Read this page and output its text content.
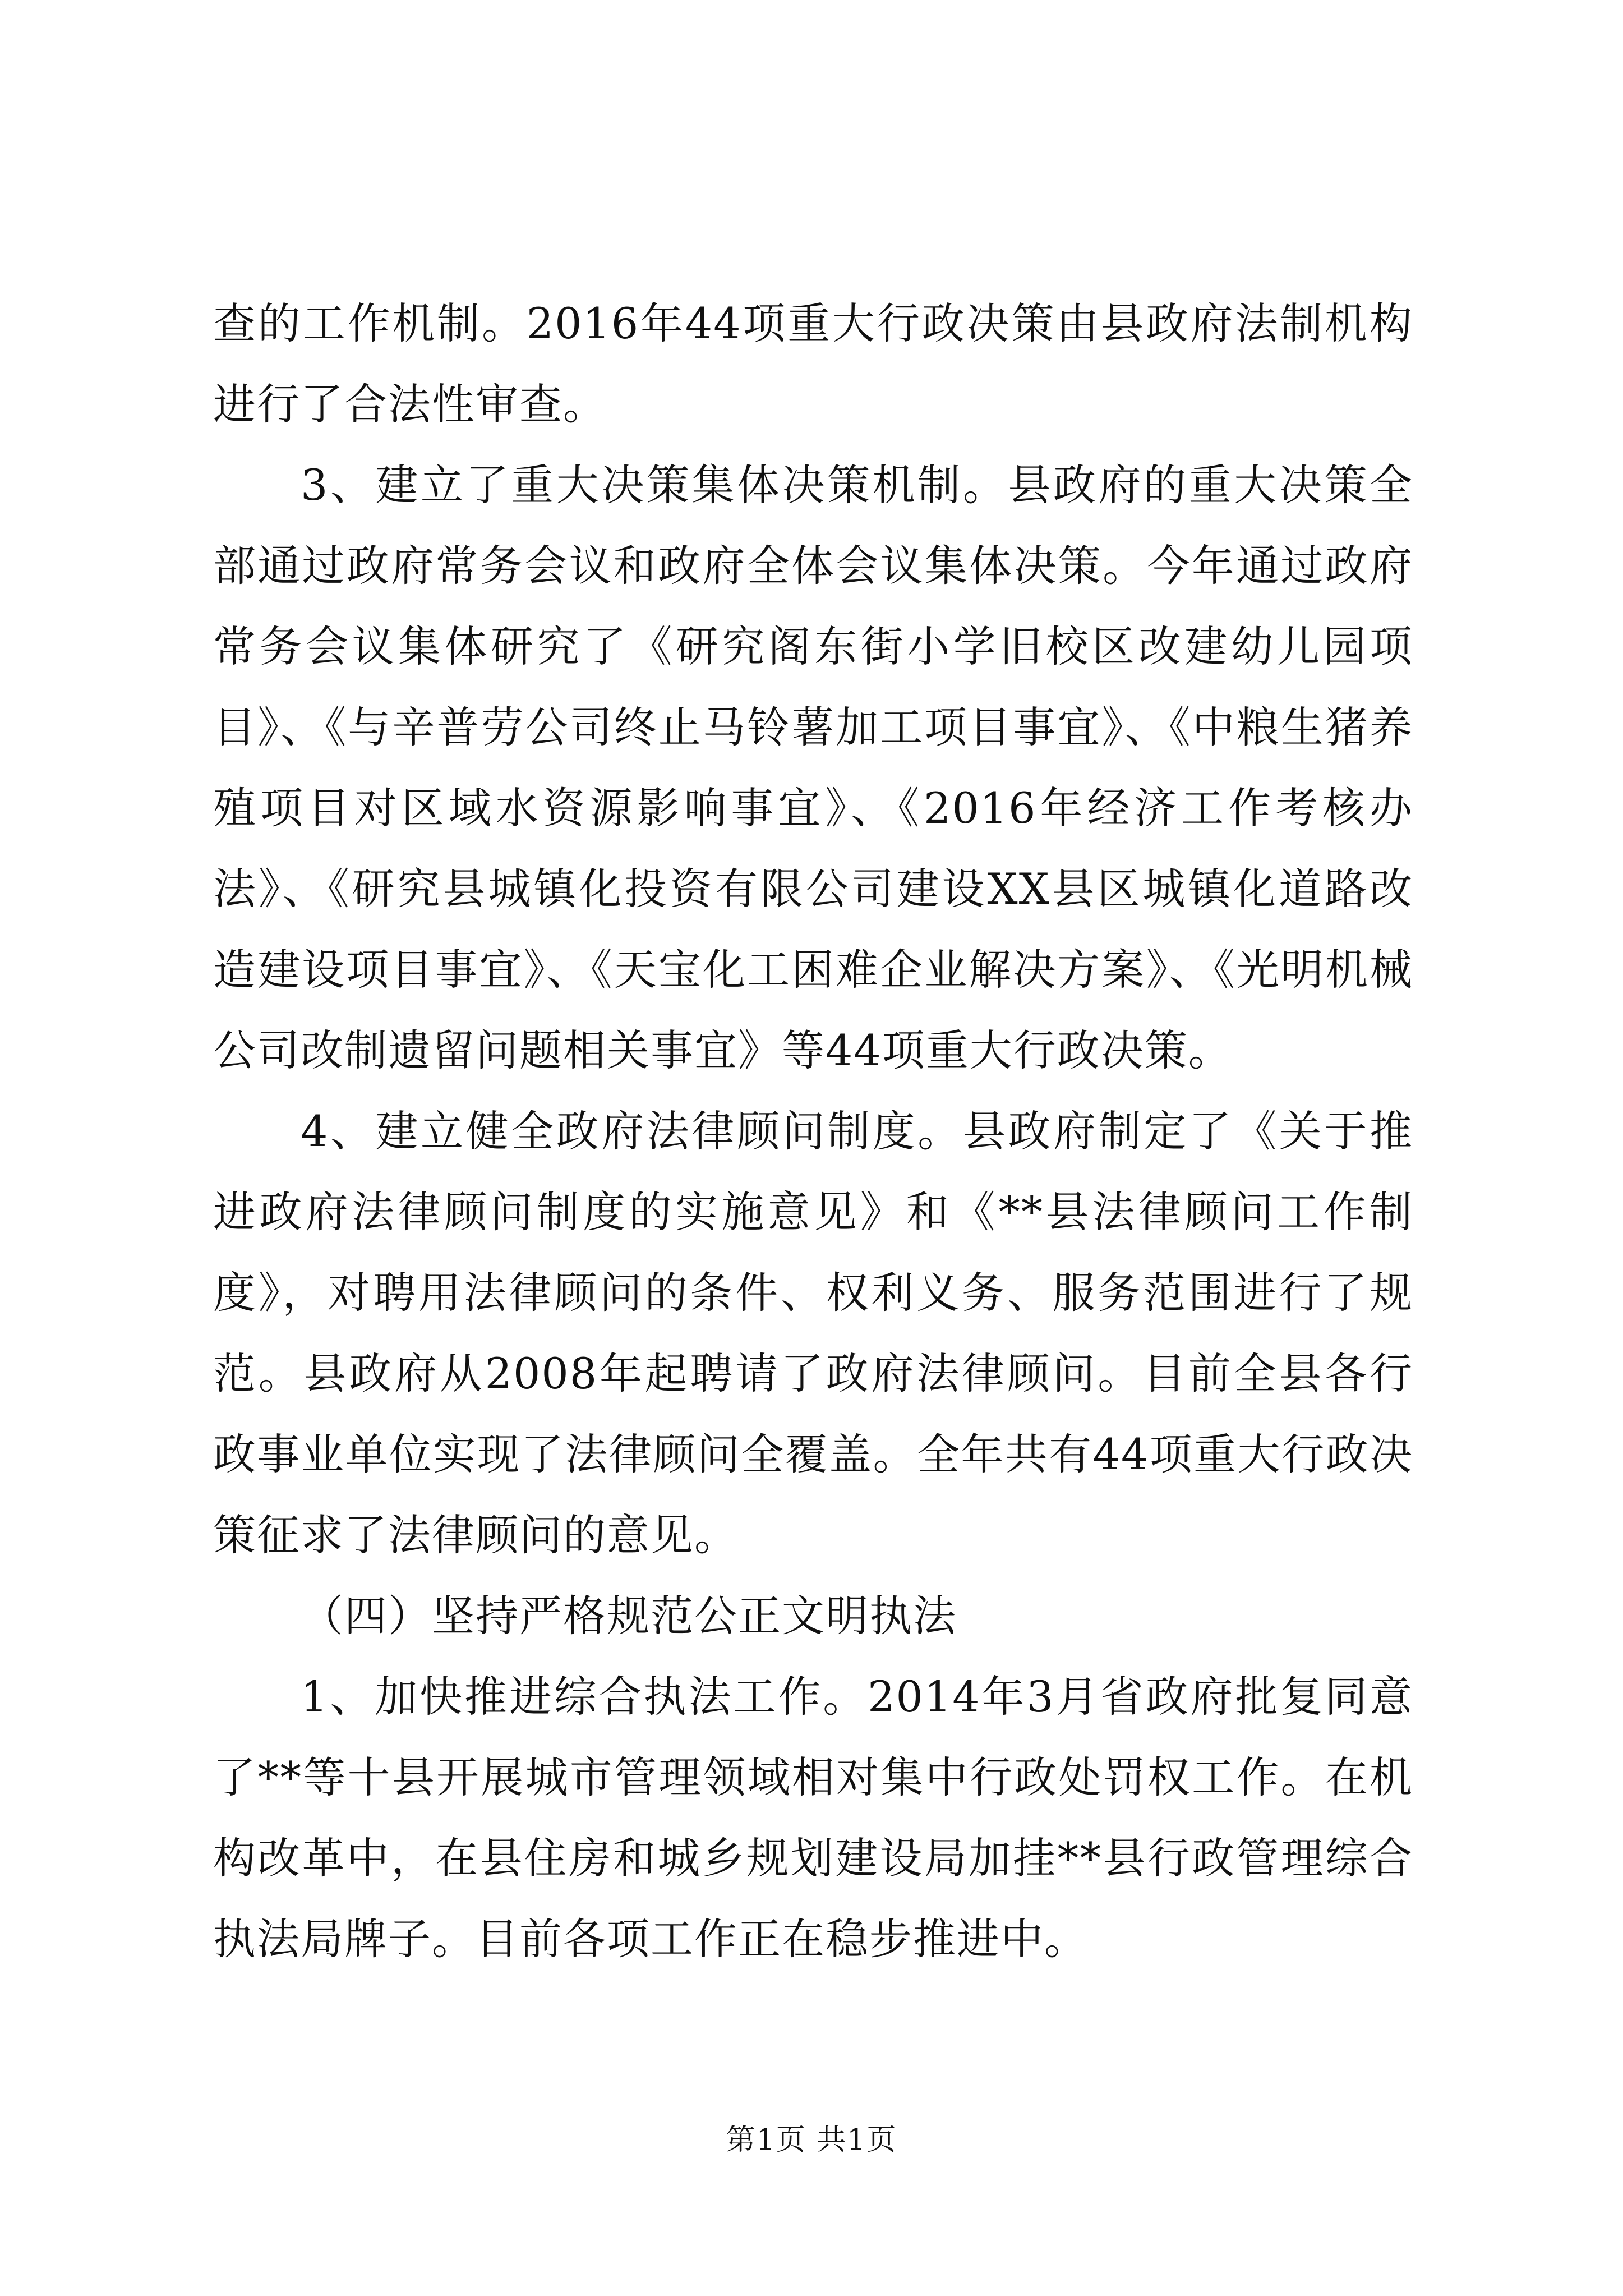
查的工作机制。2016年44项重大行政决策由县政府法制机构进行了合法性审查。

3、建立了重大决策集体决策机制。县政府的重大决策全部通过政府常务会议和政府全体会议集体决策。今年通过政府常务会议集体研究了《研究阁东街小学旧校区改建幼儿园项目》、《与辛普劳公司终止马铃薯加工项目事宜》、《中粮生猪养殖项目对区域水资源影响事宜》、《2016年经济工作考核办法》、《研究县城镇化投资有限公司建设XX县区城镇化道路改造建设项目事宜》、《天宝化工困难企业解决方案》、《光明机械公司改制遗留问题相关事宜》等44项重大行政决策。

4、建立健全政府法律顾问制度。县政府制定了《关于推进政府法律顾问制度的实施意见》和《**县法律顾问工作制度》，对聘用法律顾问的条件、权利义务、服务范围进行了规范。县政府从2008年起聘请了政府法律顾问。目前全县各行政事业单位实现了法律顾问全覆盖。全年共有44项重大行政决策征求了法律顾问的意见。

（四）坚持严格规范公正文明执法

1、加快推进综合执法工作。2014年3月省政府批复同意了**等十县开展城市管理领域相对集中行政处罚权工作。在机构改革中，在县住房和城乡规划建设局加挂**县行政管理综合执法局牌子。目前各项工作正在稳步推进中。

第1页 共1页
